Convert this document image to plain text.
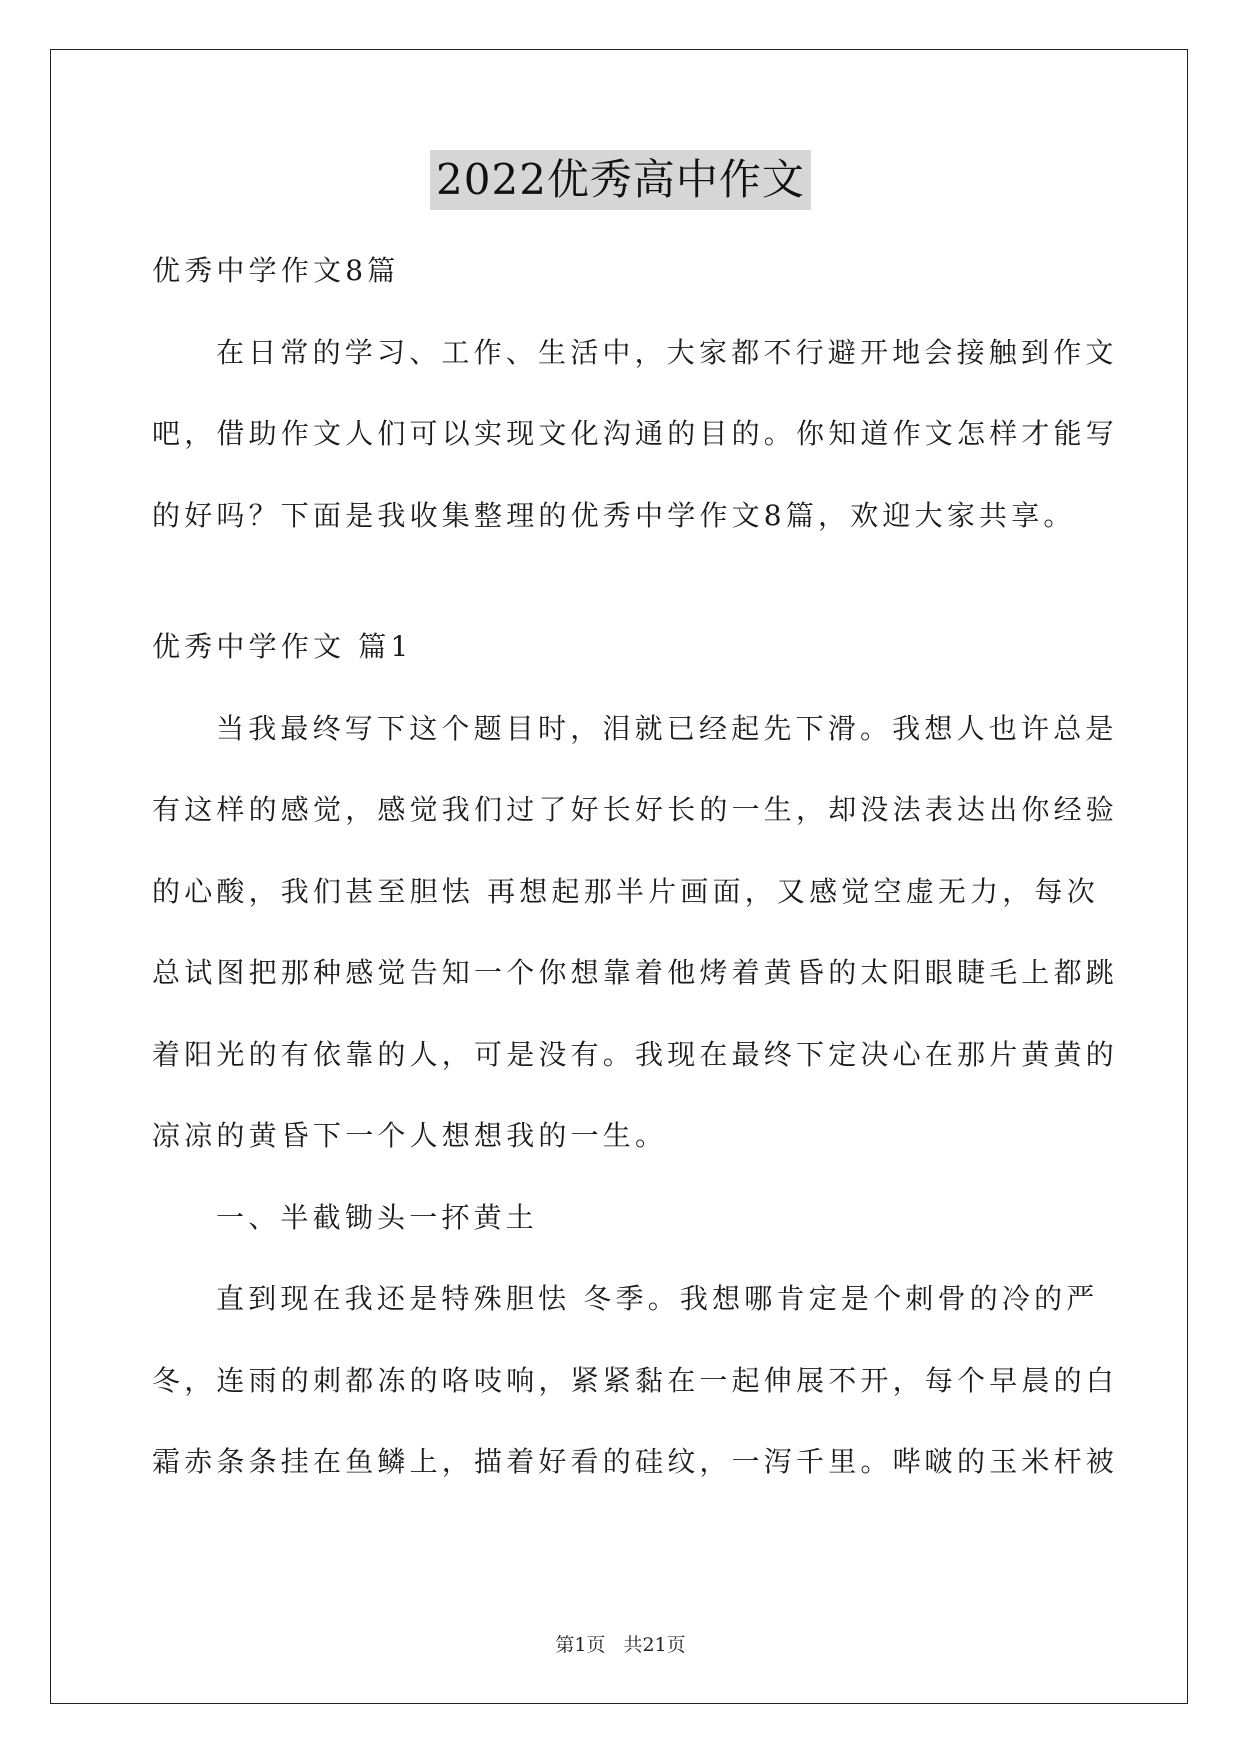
2022优秀高中作文
优秀中学作文8篇
在日常的学习、工作、生活中，大家都不行避开地会接触到作文
吧，借助作文人们可以实现文化沟通的目的。你知道作文怎样才能写
的好吗？下面是我收集整理的优秀中学作文8篇，欢迎大家共享。
优秀中学作文 篇1
当我最终写下这个题目时，泪就已经起先下滑。我想人也许总是
有这样的感觉，感觉我们过了好长好长的一生，却没法表达出你经验
的心酸，我们甚至胆怯 再想起那半片画面，又感觉空虚无力，每次
总试图把那种感觉告知一个你想靠着他烤着黄昏的太阳眼睫毛上都跳
着阳光的有依靠的人，可是没有。我现在最终下定决心在那片黄黄的
凉凉的黄昏下一个人想想我的一生。
一、半截锄头一抔黄土
直到现在我还是特殊胆怯 冬季。我想哪肯定是个刺骨的冷的严
冬，连雨的刺都冻的咯吱响，紧紧黏在一起伸展不开，每个早晨的白
霜赤条条挂在鱼鳞上，描着好看的硅纹，一泻千里。哔啵的玉米杆被
第1页 共21页
